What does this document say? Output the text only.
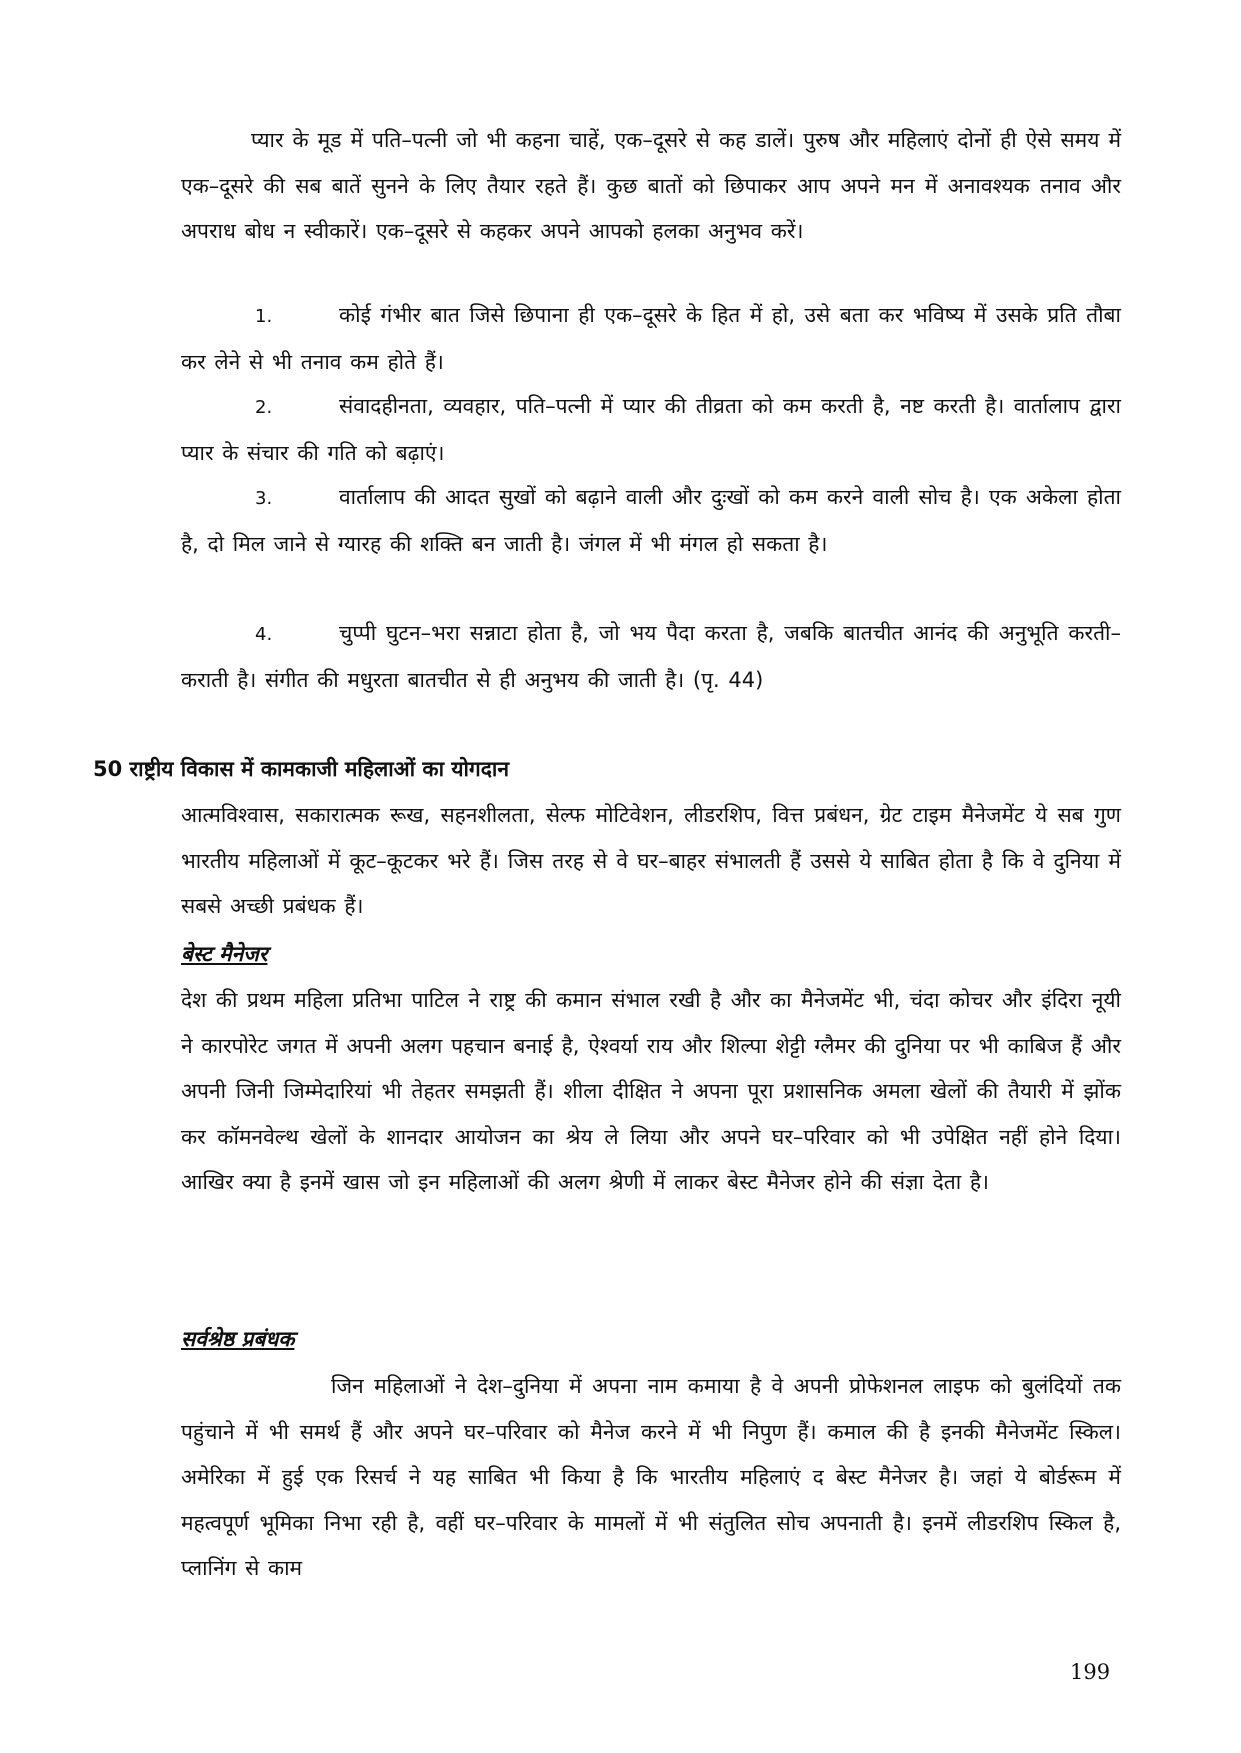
प्यार के मूड में पति–पत्नी जो भी कहना चाहें, एक–दूसरे से कह डालें। पुरुष और महिलाएं दोनों ही ऐसे समय में एक–दूसरे की सब बातें सुनने के लिए तैयार रहते हैं। कुछ बातों को छिपाकर आप अपने मन में अनावश्यक तनाव और अपराध बोध न स्वीकारें। एक–दूसरे से कहकर अपने आपको हलका अनुभव करें।

1.	कोई गंभीर बात जिसे छिपाना ही एक–दूसरे के हित में हो, उसे बता कर भविष्य में उसके प्रति तौबा कर लेने से भी तनाव कम होते हैं।

2.	संवादहीनता, व्यवहार, पति–पत्नी में प्यार की तीव्रता को कम करती है, नष्ट करती है। वार्तालाप द्वारा प्यार के संचार की गति को बढ़ाएं।

3.	वार्तालाप की आदत सुखों को बढ़ाने वाली और दुःखों को कम करने वाली सोच है। एक अकेला होता है, दो मिल जाने से ग्यारह की शक्ति बन जाती है। जंगल में भी मंगल हो सकता है।

4.	चुप्पी घुटन–भरा सन्नाटा होता है, जो भय पैदा करता है, जबकि बातचीत आनंद की अनुभूति करती–कराती है। संगीत की मधुरता बातचीत से ही अनुभय की जाती है। (पृ. 44)

50 राष्ट्रीय विकास में कामकाजी महिलाओं का योगदान

आत्मविश्वास, सकारात्मक रूख, सहनशीलता, सेल्फ मोटिवेशन, लीडरशिप, वित्त प्रबंधन, ग्रेट टाइम मैनेजमेंट ये सब गुण भारतीय महिलाओं में कूट–कूटकर भरे हैं। जिस तरह से वे घर–बाहर संभालती हैं उससे ये साबित होता है कि वे दुनिया में सबसे अच्छी प्रबंधक हैं।

बेस्ट मैनेजर

देश की प्रथम महिला प्रतिभा पाटिल ने राष्ट्र की कमान संभाल रखी है और का मैनेजमेंट भी, चंदा कोचर और इंदिरा नूयी ने कारपोरेट जगत में अपनी अलग पहचान बनाई है, ऐश्वर्या राय और शिल्पा शेट्टी ग्लैमर की दुनिया पर भी काबिज हैं और अपनी जिनी जिम्मेदारियां भी तेहतर समझती हैं। शीला दीक्षित ने अपना पूरा प्रशासनिक अमला खेलों की तैयारी में झोंक कर कॉमनवेल्थ खेलों के शानदार आयोजन का श्रेय ले लिया और अपने घर–परिवार को भी उपेक्षित नहीं होने दिया। आखिर क्या है इनमें खास जो इन महिलाओं की अलग श्रेणी में लाकर बेस्ट मैनेजर होने की संज्ञा देता है।

सर्वश्रेष्ठ प्रबंधक

जिन महिलाओं ने देश–दुनिया में अपना नाम कमाया है वे अपनी प्रोफेशनल लाइफ को बुलंदियों तक पहुंचाने में भी समर्थ हैं और अपने घर–परिवार को मैनेज करने में भी निपुण हैं। कमाल की है इनकी मैनेजमेंट स्किल। अमेरिका में हुई एक रिसर्च ने यह साबित भी किया है कि भारतीय महिलाएं द बेस्ट मैनेजर है। जहां ये बोर्डरूम में महत्वपूर्ण भूमिका निभा रही है, वहीं घर–परिवार के मामलों में भी संतुलित सोच अपनाती है। इनमें लीडरशिप स्किल है, प्लानिंग से काम

199
